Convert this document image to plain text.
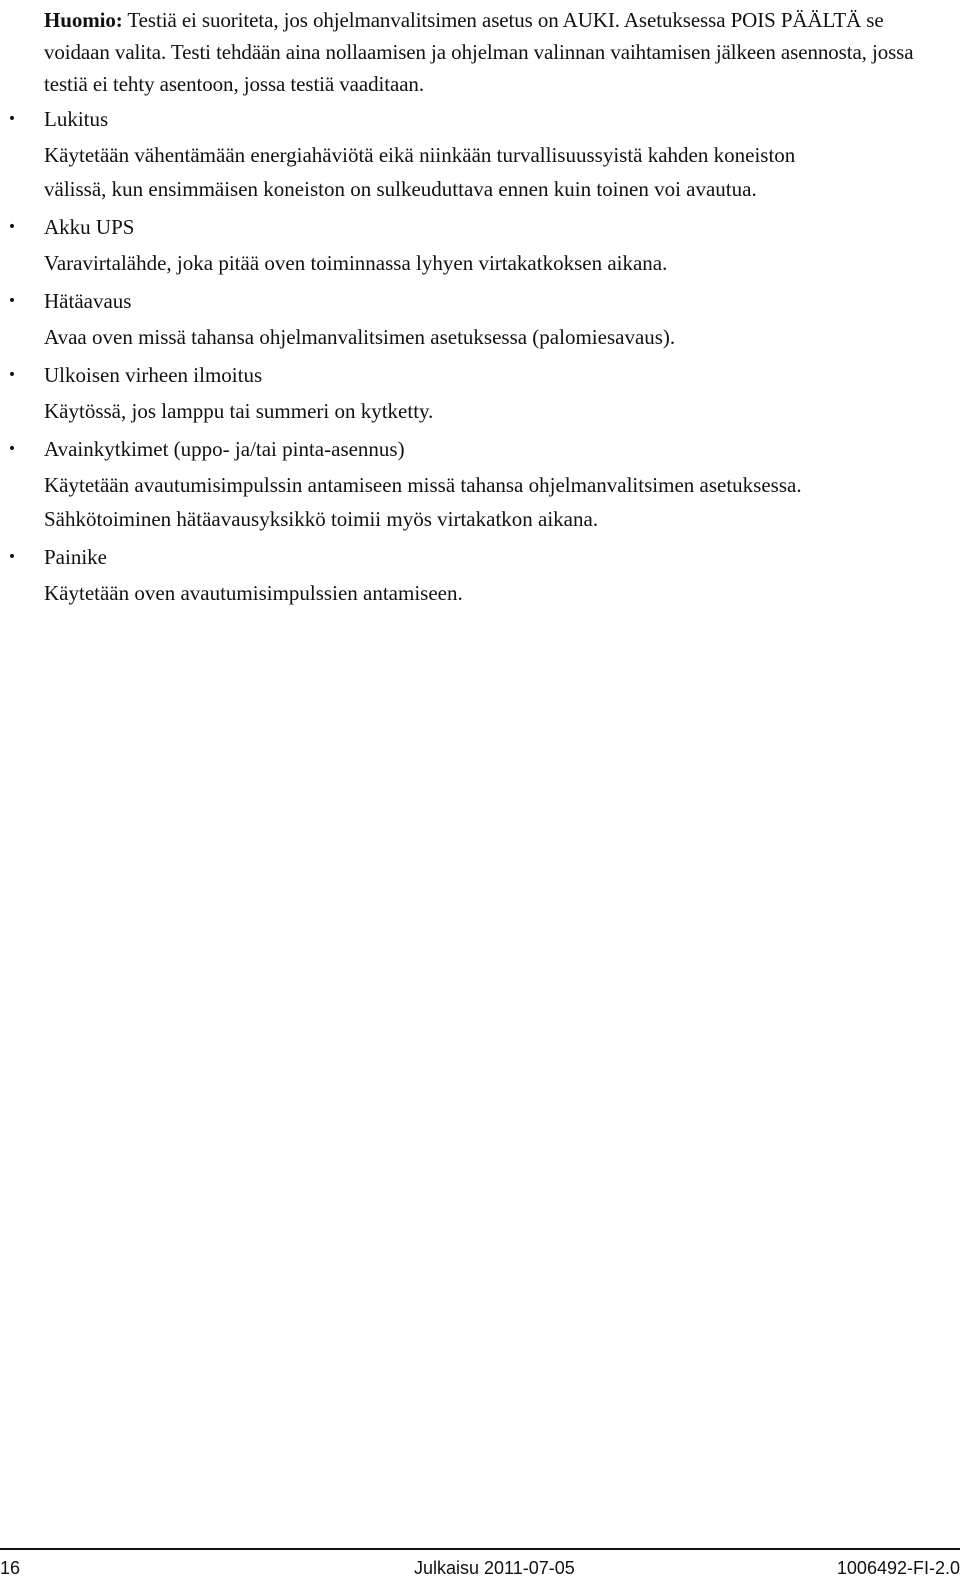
Huomio: Testiä ei suoriteta, jos ohjelmanvalitsimen asetus on AUKI. Asetuksessa POIS PÄÄLTÄ se voidaan valita. Testi tehdään aina nollaamisen ja ohjelman valinnan vaihtamisen jälkeen asennosta, jossa testiä ei tehty asentoon, jossa testiä vaaditaan.
• Lukitus
Käytetään vähentämään energiahäviötä eikä niinkään turvallisuussyistä kahden koneiston
välissä, kun ensimmäisen koneiston on sulkeuduttava ennen kuin toinen voi avautua.
• Akku UPS
Varavirtalähde, joka pitää oven toiminnassa lyhyen virtakatkoksen aikana.
• Hätäavaus
Avaa oven missä tahansa ohjelmanvalitsimen asetuksessa (palomiesavaus).
• Ulkoisen virheen ilmoitus
Käytössä, jos lamppu tai summeri on kytketty.
• Avainkytkimet (uppo- ja/tai pinta-asennus)
Käytetään avautumisimpulssin antamiseen missä tahansa ohjelmanvalitsimen asetuksessa.
Sähkötoiminen hätäavausyksikkö toimii myös virtakatkon aikana.
• Painike
Käytetään oven avautumisimpulssien antamiseen.
16	Julkaisu 2011-07-05	1006492-FI-2.0
